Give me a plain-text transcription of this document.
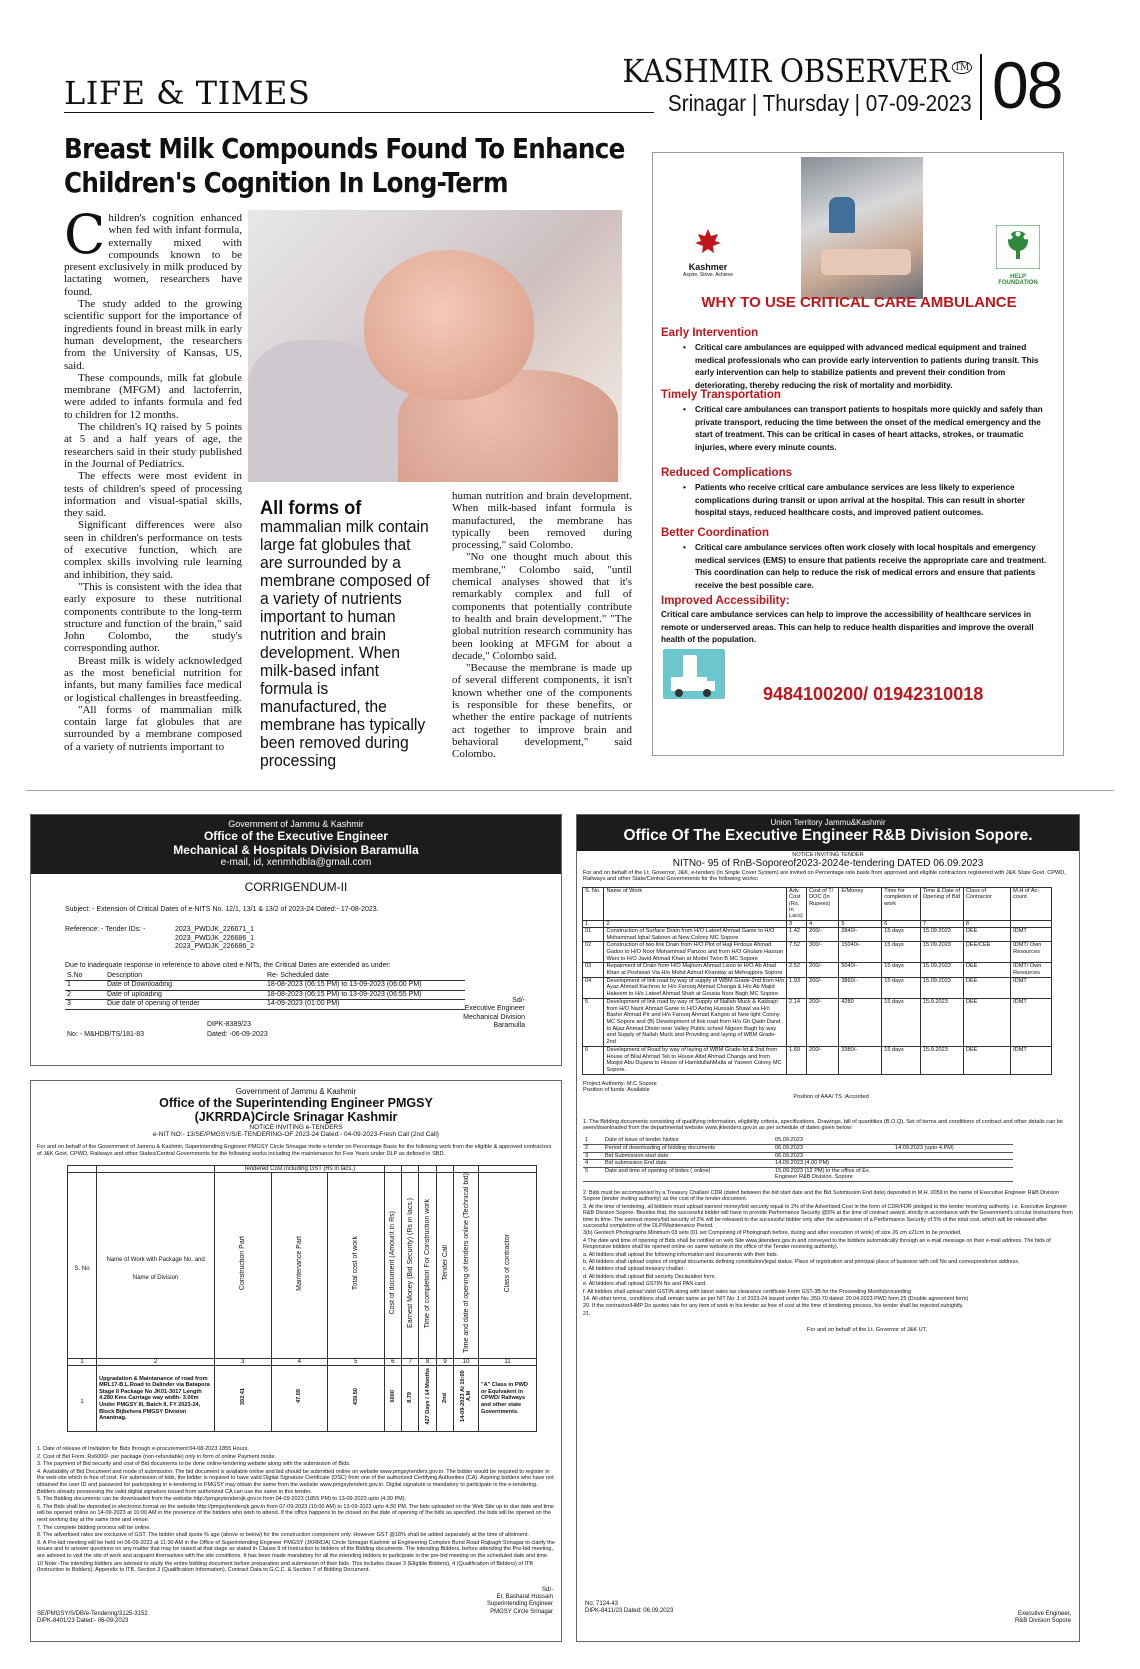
LIFE & TIMES
KASHMIR OBSERVER ™
Srinagar | Thursday | 07-09-2023 08
Breast Milk Compounds Found To Enhance
Children's Cognition In Long-Term
C hildren's cognition enhanced when fed with infant formula, externally mixed with compounds known to be present exclusively in milk produced by lactating women, researchers have found.

The study added to the growing scientific support for the importance of ingredients found in breast milk in early human development, the researchers from the University of Kansas, US, said.

These compounds, milk fat globule membrane (MFGM) and lactoferrin, were added to infants formula and fed to children for 12 months.

The children's IQ raised by 5 points at 5 and a half years of age, the researchers said in their study published in the Journal of Pediatrics.

The effects were most evident in tests of children's speed of processing information and visual-spatial skills, they said.

Significant differences were also seen in children's performance on tests of executive function, which are complex skills involving rule learning and inhibition, they said.

"This is consistent with the idea that early exposure to these nutritional components contribute to the long-term structure and function of the brain," said John Colombo, the study's corresponding author.

Breast milk is widely acknowledged as the most beneficial nutrition for infants, but many families face medical or logistical challenges in breastfeeding.

"All forms of mammalian milk contain large fat globules that are surrounded by a membrane composed of a variety of nutrients important to

All forms of
mammalian milk contain large fat globules that are surrounded by a membrane composed of a variety of nutrients important to human nutrition and brain development. When milk-based infant formula is manufactured, the membrane has typically been removed during processing

human nutrition and brain development. When milk-based infant formula is manufactured, the membrane has typically been removed during processing," said Colombo.

"No one thought much about this membrane," Colombo said, "until chemical analyses showed that it's remarkably complex and full of components that potentially contribute to health and brain development." "The global nutrition research community has been looking at MFGM for about a decade," Colombo said.

"Because the membrane is made up of several different components, it isn't known whether one of the components is responsible for these benefits, or whether the entire package of nutrients act together to improve brain and behavioral development," said Colombo.

Kashmer
Aspire. Strive. Achieve	HELP FOUNDATION
WHY TO USE CRITICAL CARE AMBULANCE
Early Intervention
• Critical care ambulances are equipped with advanced medical equipment and trained medical professionals who can provide early intervention to patients during transit. This early intervention can help to stabilize patients and prevent their condition from deteriorating, thereby reducing the risk of mortality and morbidity.
Timely Transportation
• Critical care ambulances can transport patients to hospitals more quickly and safely than private transport, reducing the time between the onset of the medical emergency and the start of treatment. This can be critical in cases of heart attacks, strokes, or traumatic injuries, where every minute counts.
Reduced Complications
• Patients who receive critical care ambulance services are less likely to experience complications during transit or upon arrival at the hospital. This can result in shorter hospital stays, reduced healthcare costs, and improved patient outcomes.
Better Coordination
• Critical care ambulance services often work closely with local hospitals and emergency medical services (EMS) to ensure that patients receive the appropriate care and treatment. This coordination can help to reduce the risk of medical errors and ensure that patients receive the best possible care.
Improved Accessibility:
Critical care ambulance services can help to improve the accessibility of healthcare services in remote or underserved areas. This can help to reduce health disparities and improve the overall health of the population.
9484100200/ 01942310018
Government of Jammu & Kashmir
Office of the Executive Engineer
Mechanical & Hospitals Division Baramulla
e-mail, id, xenmhdbla@gmail.com
CORRIGENDUM-II
Subject: - Extension of Critical Dates of e-NITS No. 12/1, 13/1 & 13/2 of 2023-24 Dated:- 17-08-2023.
Reference: - Tender IDs: -	2023_PWDJK_226671_1
2023_PWDJK_226686_1
2023_PWDJK_226686_2
Due to inadequate response in reference to above cited e-NITs, the Critical Dates are extended as under:
S.No	Description	Re- Scheduled date
1	Date of Downloading	18-08-2023 (06:15 PM) to 13-09-2023 (06:00 PM)
2	Date of uploading	18-08-2023 (06:15 PM) to 13-09-2023 (06:55 PM)
3	Due date of opening of tender	14-09-2023 (01:00 PM)	Sd/-
Executive Engineer
Mechanical Division
Baramulla
DIPK-8389/23
No: - M&HDB/TS/181-83	Dated: -06-09-2023
Government of Jammu & Kashmir
Office of the Superintending Engineer PMGSY
(JKRRDA)Circle Srinagar Kashmir
NOTICE INVITING e-TENDERS
e-NIT NO:- 13/SE/PMGSY/S/E-TENDERING-OF 2023-24 Dated:- 04-09-2023-Fresh Call (2nd Call)
For and on behalf of the Government of Jammu & Kashmir, Superintending Engineer PMGSY Circle Srinagar invite e-tender on Percentage Basis for the following work from the eligible & approved contractors of J&K Govt. CPWD, Railways and other States/Central Governments for the following works including the maintenance for Five Years under DLP as defined in SBD.
		Tendered Cost including GST (Rs in lacs.)								
S. No	Name of Work with Package No. and Name of Division	Construction Part	Maintenance Part	Total cost of work	Cost of document (Amount in Rs)	Earnest Money (Bid Security) (Rs in lacs.)	Time of completion For Construction work	Tender Call	Time and date of opening of tenders online (Technical bid)	Class of contractor
1	2	3	4	5	6	7	8	9	10	11
1	Upgradation & Maintanance of road from MRL17-B.L.Road to Dalinder via Batapora Stage II Package No JK01-3017 Length 4.280 Kms Carriage way width- 3.00m Under PMGSY III, Batch II, FY 2023-24, Block Bijbehera PMGSY Division Anantnag.	392.41	47.09	439.50	6000	8.79	427 Days / 14 Months	2nd	14-09-2023 At 10:00 A.M	"A" Class in PWD or Equivalent in CPWD/ Railways and other state Governments.
1. Date of release of Invitation for Bids through e-procurement:04-08-2023 1855 Hours.
2. Cost of Bid Form: Rs6000/- per package (non-refundable) only in form of online Payment mode.
3. The payment of Bid security and cost of Bid documents to be done online-tendering website along with the submission of Bids.
4. Availability of Bid Document and mode of submission: The bid document is available online and bid should be submitted online on website www.pmgsytenders.gov.in. The bidder would be required to register in the web-site which is free of cost. For submission of bids, the bidder is required to have valid Digital Signature Certificate (DSC) from one of the authorized Certifying Authorities (CA). Aspiring bidders who have not obtained the user ID and password for participating in e-tendering in PMGSY may obtain the same from the website www.pmgsytenders.gov.in. Digital signature is mandatory to participate in the e-tendering. Bidders already possessing the valid digital signature issued from authorized CA can use the same in this tender.
5. The Bidding documents can be downloaded from the website http://pmgsytendersjk.gov.in from 04-09-2023 (1855 PM) to 13-09-2023 upto (4:30 PM).
6. The Bids shall be deposited in electronic format on the website http://pmgsytendersjk.gov.in from 07-09-2023 (10:00 AM) to 13-09-2023 upto 4:30 PM. The bids uploaded on the Web Site up to due date and time will be opened online on 14-09-2023 at 10:00 AM in the presence of the bidders who wish to attend. If the office happens to be closed on the date of opening of the bids as specified, the bids will be opened on the next working day at the same time and venue.
7. The complete bidding process will be online.
8. The advertised rates are exclusive of GST. The bidder shall quote % age (above or below) for the construction component only. However GST @18% shall be added separately at the time of allotment.
9. A Pre-bid meeting will be held on 06-09-2023 at 11:30 AM in the Office of Superintending Engineer PMGSY (JKRRDA) Circle Srinagar Kashmir at Engineering Complex Bund Road Rajbagh Srinagar to clarify the issues and to answer questions on any matter that may be raised at that stage as stated in Clause 9 of Instruction to bidders of the Bidding documents. The intending Bidders, before attending the Pre-bid meeting, are advised to visit the site of work and acquaint themselves with the site conditions. It has been made mandatory for all the intending bidders to participate in the pre-bid meeting on the scheduled date and time.
10 Note:-The intending bidders are advised to study the entire bidding document before preparation and submission of their bids. This includes clause 3 (Eligible Bidders), 4 (Qualification of Bidders) of ITB (Instruction to Bidders), Appendix to ITB, Section 3 (Qualification Information), Contract Data to G.C.C. & Section 7 of Bidding Document.
Sd/-
Er. Basharat Hussain
Superintending Engineer
PMGSY Circle Srinagar
SE/PMGSY/S/DB/e-Tendering/3125-3152
DIPK-8401/23 Dated:- 06-09-2023
Union Territory Jammu&Kashmir
Office Of The Executive Engineer R&B Division Sopore.
NOTICE INVITING TENDER
NITNo- 95 of RnB-Soporeof2023-2024e-tendering DATED 06.09.2023
For and on behalf of the Lt. Governor, J&K, e-tenders (In Single Cover System) are invited on Percentage rate basis from approved and eligible contractors registered with J&K State Govt. CPWD, Railways and other State/Central Governments for the following works:
S. No.	Name of Work	Adv. Cost (Rs. In Lacs)	Cost of T/ DOC (In Rupees)	E/Money	Time for completion of work	Time & Date of Opening of Bid	Class of Contractor	M.H of Ac-count
1	2	3	4	5	6	7	8	
01	Construction of Surface Drain from H/O Lateef Ahmad Ganie to H/O Mohammad Iqbal Saboon at New Colony MC Sopore	1.42	200/-	2840/-	15 days	15.09.2023	DEE	IDMT
02	Construction of two link Drain from H/O Plot of Haji Firdous Ahmad Gadoo to H/O Noor Mohammad Panzoo and from H/O Ghulam Hassan Wani to H/O Javid Ahmad Khan at Model Twon B MC Sopore	7.52	300/-	15040/-	15 days	15.09.2023	DEE/CEE	IDMT/ Own Resources
03	Repairment of Drain from H/O Majloon Ahmad Lisoo to H/O Ab Ahad Khan at Poshwari Via H/o Mohd Ashraf Khanday at Mehrajpora Sopore	2.52	200/-	5040/-	15 days	15.09.2023	DEE	IDMT/ Own Resources
04	Development of link road by way of supply of WBM Grade-2nd from H/o Ayaz Ahmad Kachroo to H/o Farooq Ahmad Changa & H/o Ab Majid Hakeem to H/o Lateef Ahmad Shah at Gousia Noor Bagh MC Sopore	1.93	200/-	3860/-	15 days	15.09.2023	DEE	IDMT
5	Development of link road by way of Supply of Nallah Muck & Kakbajri from H/O Nazir Ahmad Ganie to H/O Ashiq Hussain Shawl via H/o Bashir Ahmad Pir and H/o Farooq Ahmad Kangoo at New light Colony MC Sopore and (B) Development of link road from H/o Gh Qadir Dand to Aijaz Ahmad Dhobi near Valley Public school Nigeen Bagh by way and Supply of Nallah Muck and Providing and laying of WBM Grade-2nd	2.14	200/-	4280	15 days	15.9.2023	DEE	IDMT
6	Development of Road by way of laying of WBM Grade-Ist & 2nd from House of Bilal Ahmad Teli to House Altaf Ahmad Changa and from Masjid Abu Dujana to House of HamidullahMalla at Yaseen Colony MC Sopore.	1.69	200/-	3380/-	15 days	15.9.2023	DEE	IDMT
Project Authority: M.C Sopore
Position of funds: Available
Position of AAA/ TS :Accorded
1. The Bidding documents consisting of qualifying information, eligibility criteria, specifications, Drawings, bill of quantities (B.O.Q), Set of terms and conditions of contract and other details can be seen/downloaded from the departmental website www.jktenders.gov.in as per schedule of dates given below:
1	Date of issue of tender Notice	05.09.2023	
2	Period of downloading of bidding documents	06.09.2023	14.09.2023 (upto 4.PM)
3	Bid Submission start date	06.09.2023	
4	Bid submission End date	14.09.2023 (4.00 PM)	
5	Date and time of opening of bides ( online)	15.09.2023 (12 PM) in the office of Ex. Engineer R&B Division. Sopore	
2. Bids must be accompanied by a Treasury Challan/ CDR (dated between the bid start date and the Bid Submission End date) deposited in M.H. 0059 in the name of Executive Engineer R&B Division Sopore (tender inviting authority) as the cost of the tender document.
3. At the time of tendering, all bidders must upload earnest money/bid security equal to 2% of the Advertised Cost in the form of CDR/FDR pledged to the tender receiving authority. i.e. Executive Engineer R&B Division Sopore. Besides that, the successful bidder will have to provide Performance Security @5% at the time of contract award, strictly in accordance with the Government's circular instructions from time to time. The earnest money/bid security of 2% will be released to the successful bidder only after the submission of a Performance Security of 5% of the total cost, which will be released after successful completion of the DLP/Maintenance Period.
3(b) Geotech Photographs Minimum 03 sets (01 set Comprising of Photograph before, during and after execution of work) of size 26 cm x21cm to be provided.
4 The date and time of opening of Bids shall be notified on web Site www.jktenders.gov.in and conveyed to the bidders automatically through an e-mail message on their e-mail address. The bids of Responsive bidders shall be opened online on same website in the office of the Tender receiving authority).
a. All bidders shall upload the following information and documents with their bids.
b. All bidders shall upload copies of original documents defining constitution/legal status. Place of registration and principal place of business with cell No and correspondence address.
c. All bidders shall upload treasury challan.
d. All bidders shall upload Bid security Declaration form.
e. All bidders shall upload GSTIN No and PAN card.
f. All bidders shall upload Valid GSTIN along with latest sales tax clearance certificate Form GST-3B for the Proceeding Month/proceeding
14. All other terms, conditions shall remain same as per NIT No: 1 of 2023-24 issued under No: 350-70 dated: 20.04.2023 PWD form 25 (Double agreement form)
20. If the contractor/HMP Do quotes rate for any item of work in his tender as free of cost at the time of tendering process, his tender shall be rejected outrightly.
21.
For and on behalf of the Lt. Governor of J&K UT,
No: 7124-43
DIPK-8411/23 Dated: 06.09.2023	Executive Engineer,
R&B Division Sopore
